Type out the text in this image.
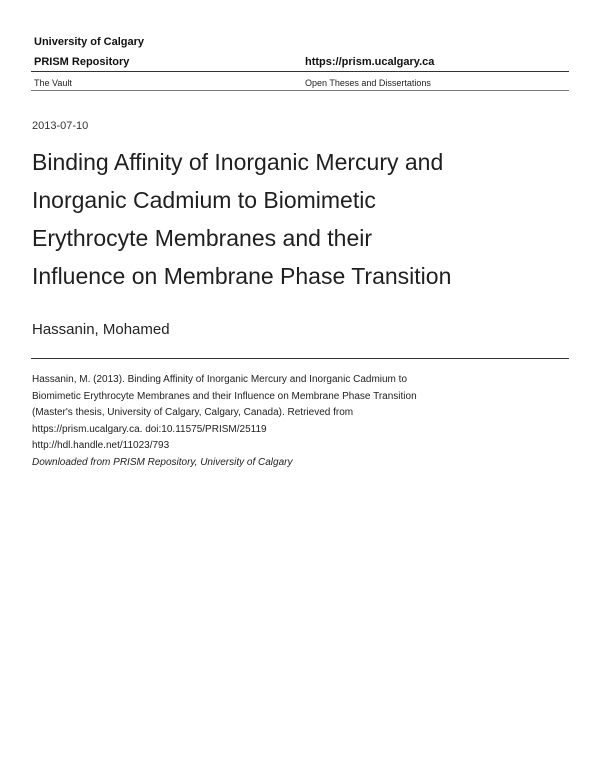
University of Calgary
PRISM Repository	https://prism.ucalgary.ca
The Vault	Open Theses and Dissertations
2013-07-10
Binding Affinity of Inorganic Mercury and
Inorganic Cadmium to Biomimetic
Erythrocyte Membranes and their
Influence on Membrane Phase Transition
Hassanin, Mohamed
Hassanin, M. (2013). Binding Affinity of Inorganic Mercury and Inorganic Cadmium to
Biomimetic Erythrocyte Membranes and their Influence on Membrane Phase Transition
(Master's thesis, University of Calgary, Calgary, Canada). Retrieved from
https://prism.ucalgary.ca. doi:10.11575/PRISM/25119
http://hdl.handle.net/11023/793
Downloaded from PRISM Repository, University of Calgary
